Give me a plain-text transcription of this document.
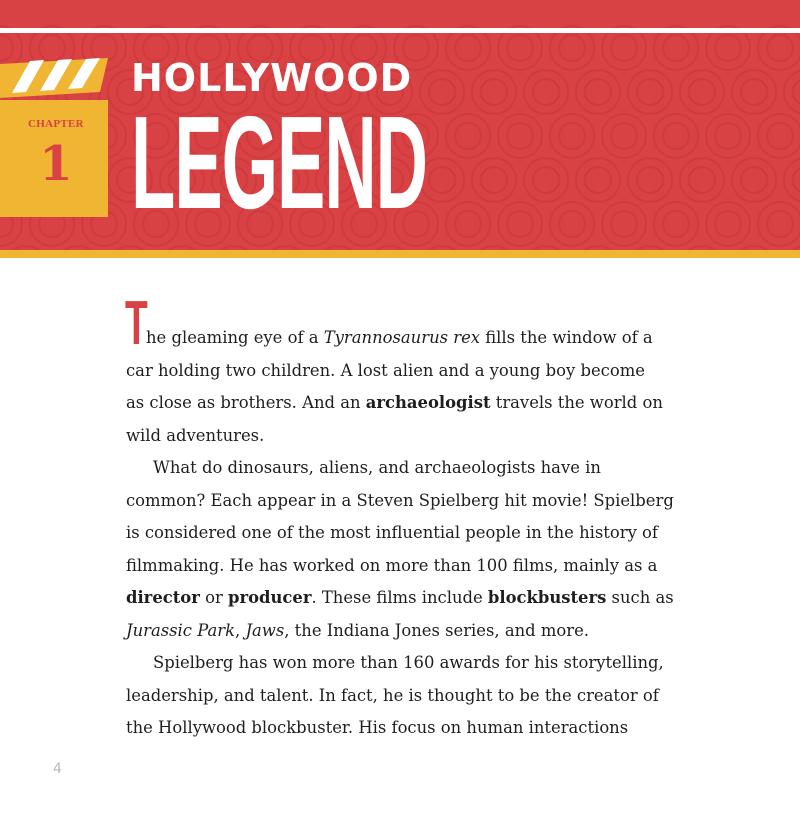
CHAPTER
1
HOLLYWOOD
LEGEND
T

he gleaming eye of a Tyrannosaurus rex fills the window of a

car holding two children. A lost alien and a young boy become

as close as brothers. And an archaeologist travels the world on

wild adventures.

What do dinosaurs, aliens, and archaeologists have in

common? Each appear in a Steven Spielberg hit movie! Spielberg

is considered one of the most influential people in the history of

filmmaking. He has worked on more than 100 films, mainly as a

director or producer. These films include blockbusters such as

Jurassic Park, Jaws, the Indiana Jones series, and more.

Spielberg has won more than 160 awards for his storytelling,

leadership, and talent. In fact, he is thought to be the creator of

the Hollywood blockbuster. His focus on human interactions

4
